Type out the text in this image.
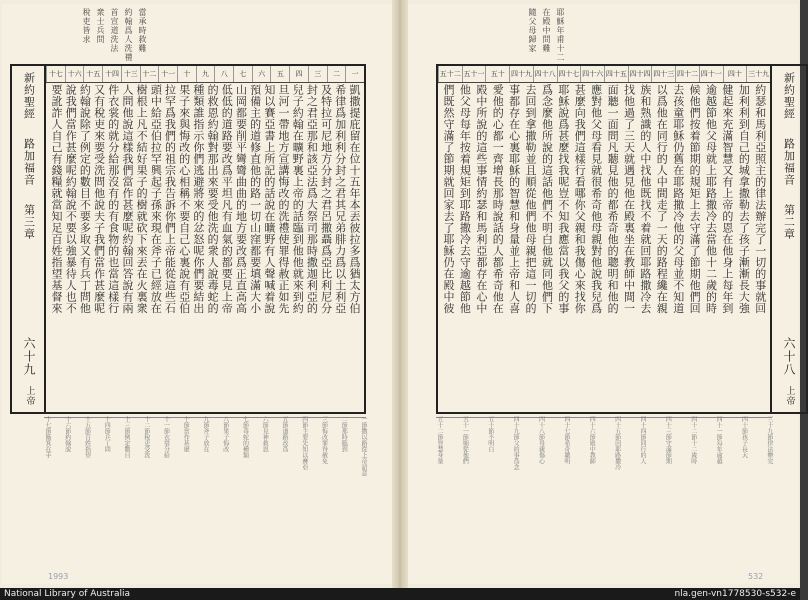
新約聖經
路加福音
第三章
六十九
上帝
當承時救難
約翰爲人洗禮
首宣道洗法
衆士兵問
稅吏皆求
一
二
三
四
五
六
七
八
九
十
十一
十二
十三
十四
十五
十六
十七
凱撒提庇留在位十五年本丟彼拉多爲猶太方伯
希律爲加利利分封之君其兄弟腓力爲以土利亞
及特拉可尼地方分封之君呂撒聶爲亞比利尼分
封之君亞那和該亞法爲大祭司那時撒迦利亞的
兒子約翰在曠野裏上帝的話臨到他他就來到約
旦河一帶地方宣講悔改的洗禮使罪得赦正如先
知以賽亞書上所記的話說在曠野有人聲喊着說
預備主的道修直他的路一切山窪都要填滿大小
山岡都要削平彎彎曲曲的地方要改爲正直高高
低低的道路要改爲平坦凡有血氣的都要見上帝
的救恩約翰對那出來要受他洗的衆人說毒蛇的
種類誰指示你們逃避將來的忿怒呢你們要結出
果子來與悔改的心相稱不要自己心裏說有亞伯
拉罕爲我們的祖宗我告訴你們上帝能從這些石
頭中給亞伯拉罕興起子孫來現在斧子已經放在
樹根上凡不結好果子的樹就砍下來丟在火裏衆
人問他說這樣我們當作甚麼呢約翰回答說有兩
件衣裳的就分給那沒有的有食物的也當這樣行
又有稅吏來要受洗問他說夫子我們當作甚麼呢
約翰說除了例定的數目不要多取又有兵丁問他
說我們當作甚麼呢約翰說不要以強暴待人也不
要訛詐人自己有錢糧就當知足百姓指望基督來
一節撒以路從上帝詔意
二節那時臨到
三節悔改罪得赦免
四節主要先知以賽亞
五節道路改爲
六節見神救恩
七節毒蛇的種類
八節果子悔改
九節斧子放在
十節當作甚麼
十一節衣裳分給
十二節稅吏受洗
十三節例定數目
十四節兵丁問
十五節百姓指望
十六節約翰說
十七節簸箕在手
新約聖經
路加福音
第二章
六十八
上帝
耶穌年甫十二
在殿中問難
隨父母歸家
三十九
四十
四十一
四十二
四十三
四十四
四十五
四十六
四十七
四十八
四十九
五十
五十一
五十二
約瑟和馬利亞照主的律法辦完了一切的事就回
加利利到自己的城拿撒勒去了孩子漸漸長大強
健起來充滿智慧又有上帝的恩在他身上每年到
逾越節他父母就上耶路撒冷去當他十二歲的時
候他們按着節期的規矩上去守滿了節期他們回
去孩童耶穌仍舊在耶路撒冷他的父母並不知道
以爲他在同行的人中間走了一天的路程纔在親
族和熟識的人中找他既找不着就回耶路撒冷去
找他過了三天就遇見他在殿裏坐在教師中間一
面聽一面問凡聽見他的都希奇他的聰明和他的
應對他父母看見就很希奇他母親對他說我兒爲
甚麼向我們這樣行看哪你父親和我傷心來找你
耶穌說爲甚麼找我呢豈不知我應當以我父的事
爲念麼他所說的這話他們不明白他就同他們下
去回到拿撒勒並且順從他們他母親把這一切的
事都存在心裏耶穌的智慧和身量並上帝和人喜
愛他的心都一齊增長那時說話的人都希奇他在
殿中所說的這些事情約瑟和馬利亞都存在心中
他父母每年按着規矩到耶路撒冷去守逾越節他
們既然守滿了節期就回家去了耶穌仍在殿中彼
三十九節律法辦完
四十節孩子長大
四十一節每年逾越
四十二節十二歲時
四十三節守滿節期
四十四節同行的人
四十五節回耶路撒冷
四十六節殿中教師
四十七節希奇聰明
四十八節母親傷心
四十九節父的事爲念
五十節不明白
五十一節順從他們
五十二節智慧身量
1993	532
National Library of Australia	nla.gen-vn1778530-s532-e
